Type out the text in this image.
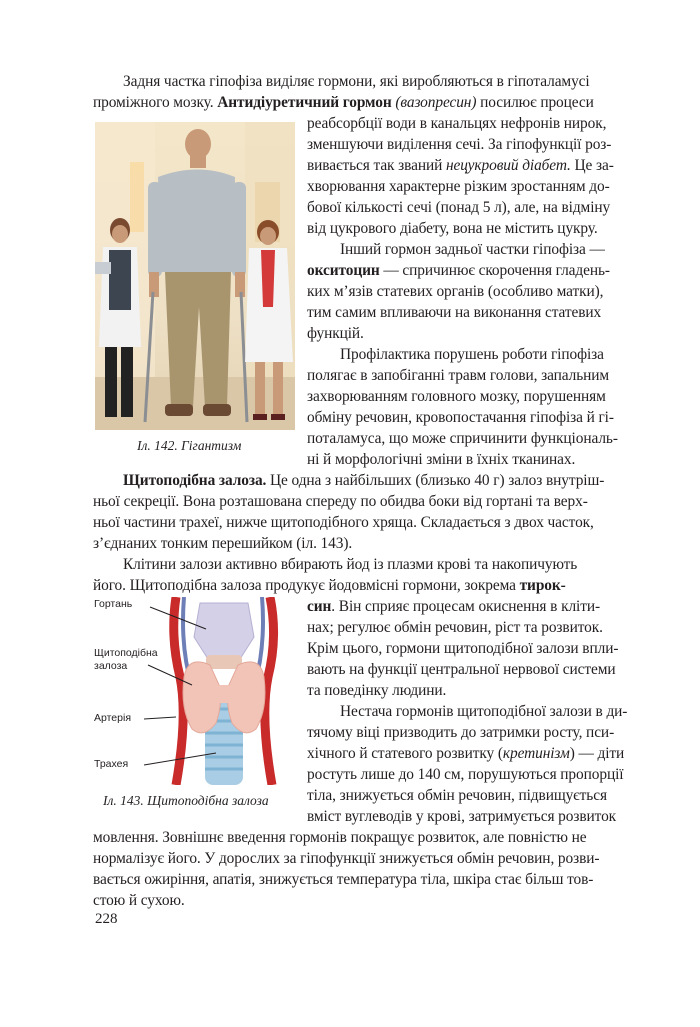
Задня частка гіпофіза виділяє гормони, які виробляються в гіпоталамусі
проміжного мозку. Антидіуретичний гормон (вазопресин) посилює процеси
реабсорбції води в канальцях нефронів нирок,
зменшуючи виділення сечі. За гіпофункції роз-
вивається так званий нецукровий діабет. Це за-
хворювання характерне різким зростанням до-
бової кількості сечі (понад 5 л), але, на відміну
від цукрового діабету, вона не містить цукру.
Інший гормон задньої частки гіпофіза —
окситоцин — спричинює скорочення гладень-
ких м’язів статевих органів (особливо матки),
тим самим впливаючи на виконання статевих
функцій.
Профілактика порушень роботи гіпофіза
полягає в запобіганні травм голови, запальним
захворюванням головного мозку, порушенням
обміну речовин, кровопостачання гіпофіза й гі-
поталамуса, що може спричинити функціональ-
ні й морфологічні зміни в їхніх тканинах.
Щитоподібна залоза. Це одна з найбільших (близько 40 г) залоз внутріш-
ньої секреції. Вона розташована спереду по обидва боки від гортані та верх-
ньої частини трахеї, нижче щитоподібного хряща. Складається з двох часток,
з’єднаних тонким перешийком (іл. 143).
Клітини залози активно вбирають йод із плазми крові та накопичують
його. Щитоподібна залоза продукує йодовмісні гормони, зокрема тирок-
син. Він сприяє процесам окиснення в клiти-
нах; регулює обмін речовин, ріст та розвиток.
Крім цього, гормони щитоподібної залози впли-
вають на функції центральної нервової системи
та поведінку людини.
Нестача гормонів щитоподібної залози в ди-
тячому віці призводить до затримки росту, пси-
хічного й статевого розвитку (кретинізм) — діти
ростуть лише до 140 см, порушуються пропорції
тіла, знижується обмін речовин, підвищується
вміст вуглеводів у крові, затримується розвиток
мовлення. Зовнішнє введення гормонів покращує розвиток, але повністю не
нормалізує його. У дорослих за гіпофункції знижується обмін речовин, розви-
вається ожиріння, апатія, знижується температура тіла, шкіра стає більш тов-
стою й сухою.
Іл. 142. Гігантизм
Гортань
Щитоподібна
залоза
Артерія
Трахея
Іл. 143. Щитоподібна залоза
228
